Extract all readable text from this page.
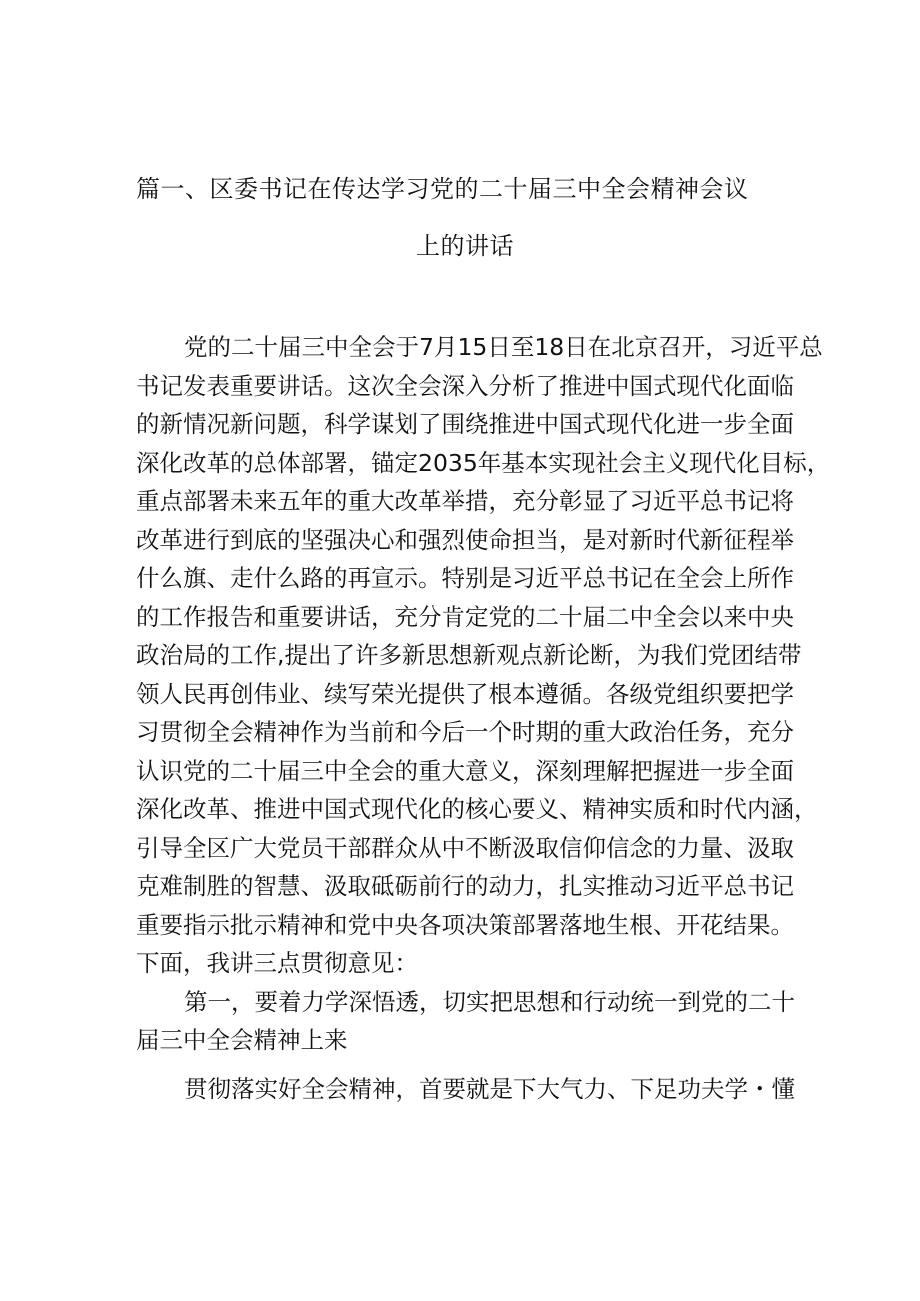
篇一、区委书记在传达学习党的二十届三中全会精神会议
上的讲话
党的二十届三中全会于7月15日至18日在北京召开，习近平总
书记发表重要讲话。这次全会深入分析了推进中国式现代化面临
的新情况新问题，科学谋划了围绕推进中国式现代化进一步全面
深化改革的总体部署，锚定2035年基本实现社会主义现代化目标，
重点部署未来五年的重大改革举措，充分彰显了习近平总书记将
改革进行到底的坚强决心和强烈使命担当，是对新时代新征程举
什么旗、走什么路的再宣示。特别是习近平总书记在全会上所作
的工作报告和重要讲话，充分肯定党的二十届二中全会以来中央
政治局的工作,提出了许多新思想新观点新论断，为我们党团结带
领人民再创伟业、续写荣光提供了根本遵循。各级党组织要把学
习贯彻全会精神作为当前和今后一个时期的重大政治任务，充分
认识党的二十届三中全会的重大意义，深刻理解把握进一步全面
深化改革、推进中国式现代化的核心要义、精神实质和时代内涵，
引导全区广大党员干部群众从中不断汲取信仰信念的力量、汲取
克难制胜的智慧、汲取砥砺前行的动力，扎实推动习近平总书记
重要指示批示精神和党中央各项决策部署落地生根、开花结果。
下面，我讲三点贯彻意见：
第一，要着力学深悟透，切实把思想和行动统一到党的二十
届三中全会精神上来
贯彻落实好全会精神，首要就是下大气力、下足功夫学・懂
